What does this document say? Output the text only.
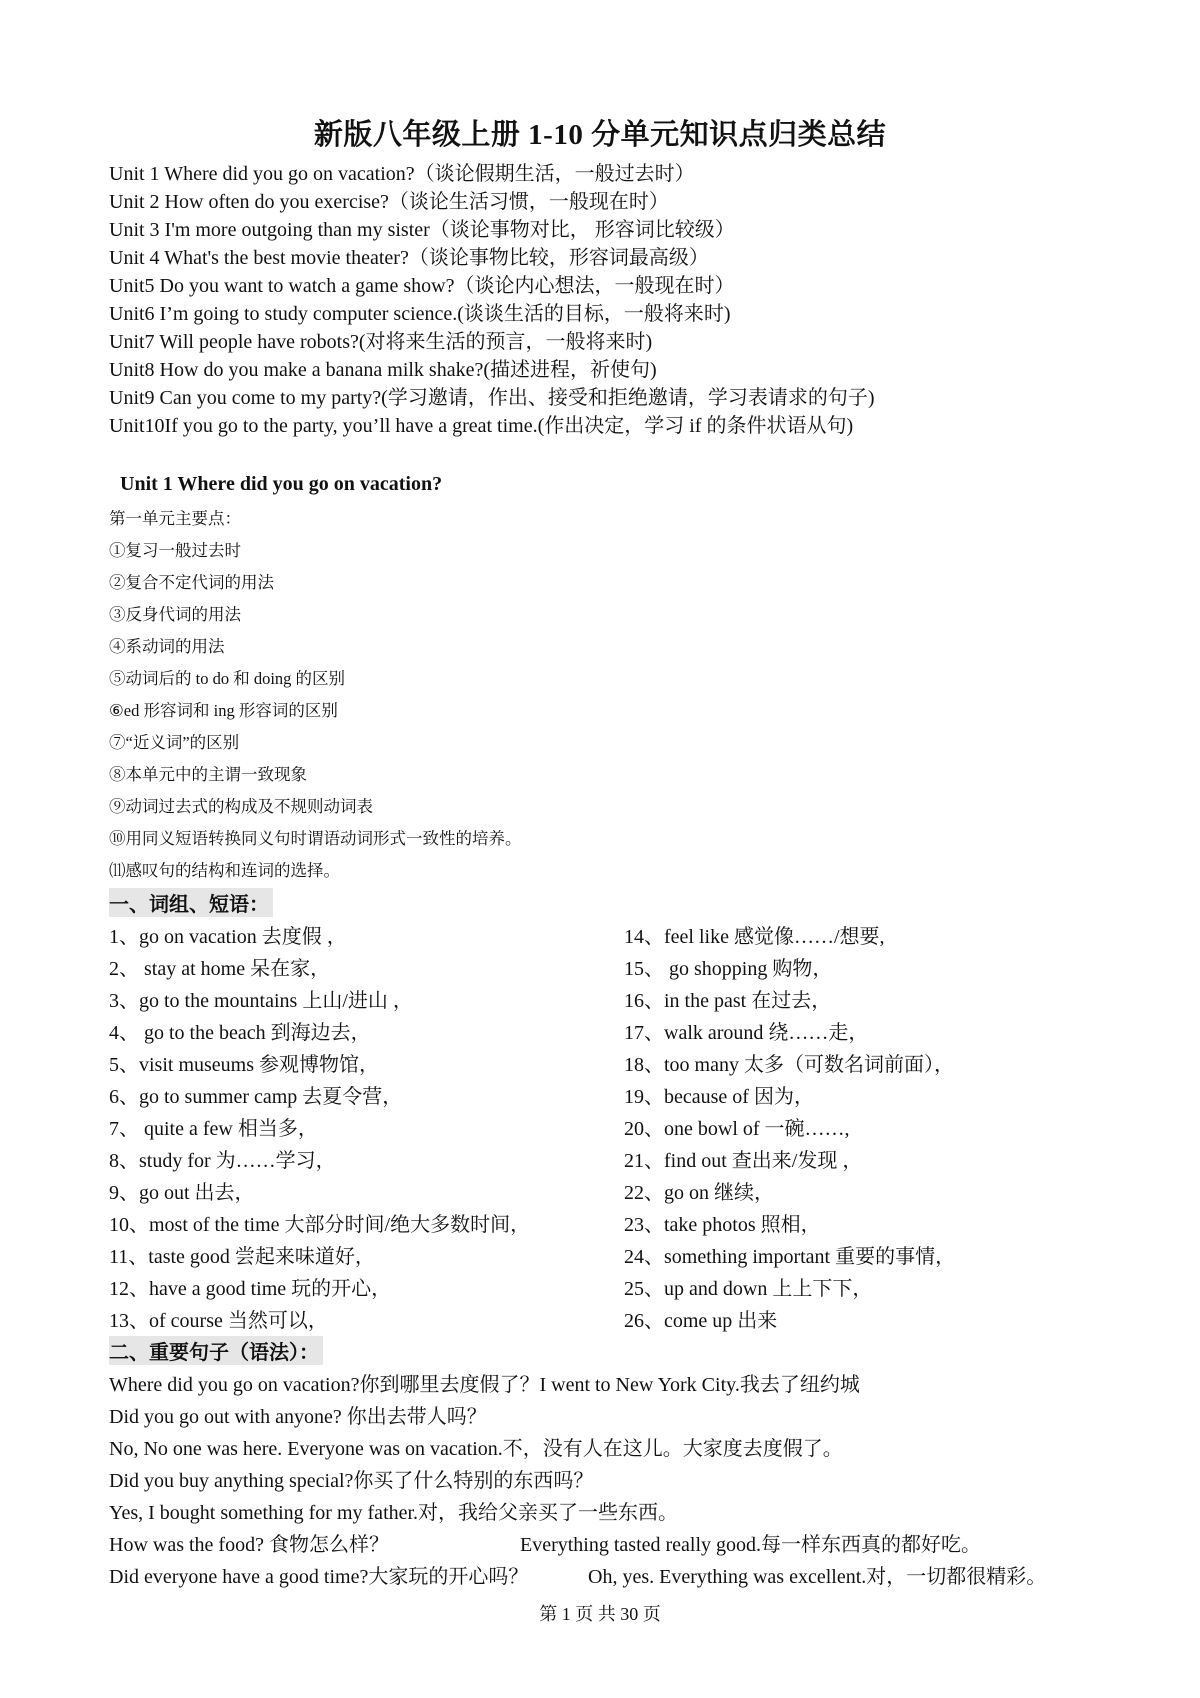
新版八年级上册 1-10 分单元知识点归类总结
Unit 1 Where did you go on vacation?（谈论假期生活，一般过去时）
Unit 2 How often do you exercise?（谈论生活习惯，一般现在时）
Unit 3 I'm more outgoing than my sister（谈论事物对比， 形容词比较级）
Unit 4 What's the best movie theater?（谈论事物比较，形容词最高级）
Unit5 Do you want to watch a game show?（谈论内心想法，一般现在时）
Unit6 I’m going to study computer science.(谈谈生活的目标，一般将来时)
Unit7 Will people have robots?(对将来生活的预言，一般将来时)
Unit8 How do you make a banana milk shake?(描述进程，祈使句)
Unit9 Can you come to my party?(学习邀请，作出、接受和拒绝邀请，学习表请求的句子)
Unit10If you go to the party, you’ll have a great time.(作出决定，学习 if 的条件状语从句)
Unit 1 Where did you go on vacation?
第一单元主要点：
①复习一般过去时
②复合不定代词的用法
③反身代词的用法
④系动词的用法
⑤动词后的 to do 和 doing 的区别
⑥ed 形容词和 ing 形容词的区别
⑦“近义词”的区别
⑧本单元中的主谓一致现象
⑨动词过去式的构成及不规则动词表
⑩用同义短语转换同义句时谓语动词形式一致性的培养。
⑾感叹句的结构和连词的选择。
一、词组、短语：
1、go on vacation 去度假 ，
2、 stay at home 呆在家，
3、go to the mountains 上山/进山 ，
4、 go to the beach 到海边去，
5、visit museums 参观博物馆，
6、go to summer camp 去夏令营，
7、 quite a few 相当多，
8、study for 为……学习，
9、go out 出去，
10、most of the time 大部分时间/绝大多数时间，
11、taste good 尝起来味道好，
12、have a good time 玩的开心，
13、of course 当然可以，
14、feel like 感觉像……/想要,
15、 go shopping 购物，
16、in the past 在过去，
17、walk around 绕……走，
18、too many 太多（可数名词前面），
19、because of 因为，
20、one bowl of 一碗……,
21、find out 查出来/发现 ，
22、go on 继续，
23、take photos 照相，
24、something important 重要的事情，
25、up and down 上上下下，
26、come up 出来
二、重要句子（语法）：
Where did you go on vacation?你到哪里去度假了？I went to New York City.我去了纽约城
Did you go out with anyone? 你出去带人吗？
No, No one was here. Everyone was on vacation.不，没有人在这儿。大家度去度假了。
Did you buy anything special?你买了什么特别的东西吗？
Yes, I bought something for my father.对，我给父亲买了一些东西。
How was the food? 食物怎么样？	Everything tasted really good.每一样东西真的都好吃。
Did everyone have a good time?大家玩的开心吗？	Oh, yes. Everything was excellent.对，一切都很精彩。
第 1 页 共 30 页
